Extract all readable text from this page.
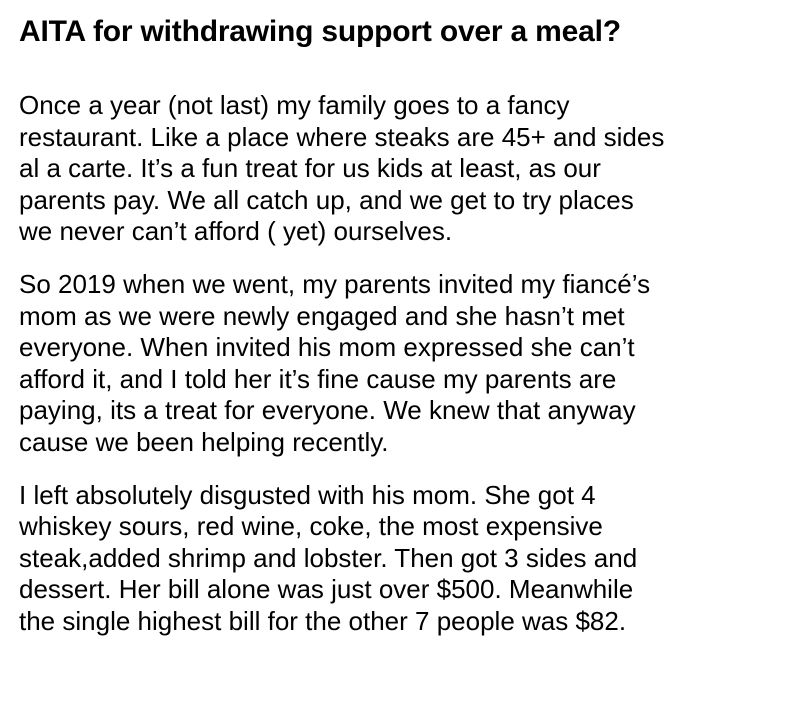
AITA for withdrawing support over a meal?

Once a year (not last) my family goes to a fancy
restaurant. Like a place where steaks are 45+ and sides
al a carte. It’s a fun treat for us kids at least, as our
parents pay. We all catch up, and we get to try places
we never can’t afford ( yet) ourselves.

So 2019 when we went, my parents invited my fiancé’s
mom as we were newly engaged and she hasn’t met
everyone. When invited his mom expressed she can’t
afford it, and I told her it’s fine cause my parents are
paying, its a treat for everyone. We knew that anyway
cause we been helping recently.

I left absolutely disgusted with his mom. She got 4
whiskey sours, red wine, coke, the most expensive
steak,added shrimp and lobster. Then got 3 sides and
dessert. Her bill alone was just over $500. Meanwhile
the single highest bill for the other 7 people was $82.
